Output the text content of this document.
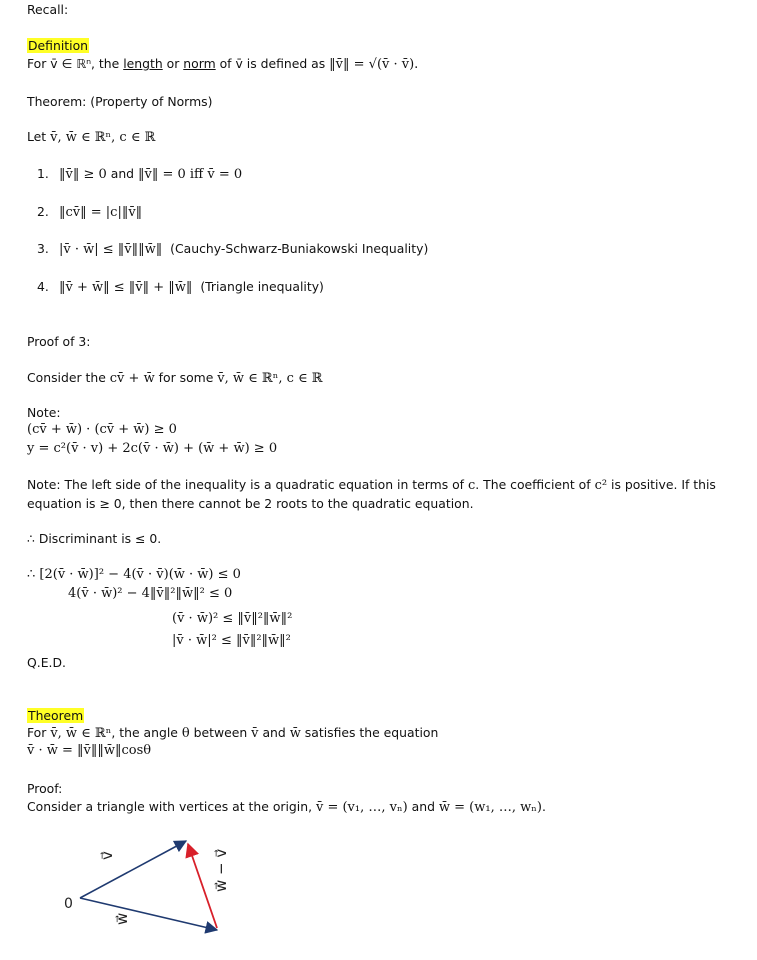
Recall:
Definition
For v̄ ∈ ℝⁿ, the length or norm of v̄ is defined as ‖v̄‖ = √(v̄ · v̄).
Theorem: (Property of Norms)
Let v̄, w̄ ∈ ℝⁿ, c ∈ ℝ
1. ‖v̄‖ ≥ 0 and ‖v̄‖ = 0 iff v̄ = 0
2. ‖cv̄‖ = |c|‖v̄‖
3. |v̄ · w̄| ≤ ‖v̄‖‖w̄‖ (Cauchy-Schwarz-Buniakowski Inequality)
4. ‖v̄ + w̄‖ ≤ ‖v̄‖ + ‖w̄‖ (Triangle inequality)
Proof of 3:
Consider the cv̄ + w̄ for some v̄, w̄ ∈ ℝⁿ, c ∈ ℝ
Note:
(cv̄ + w̄) · (cv̄ + w̄) ≥ 0
y = c²(v̄ · v) + 2c(v̄ · w̄) + (w̄ + w̄) ≥ 0
Note: The left side of the inequality is a quadratic equation in terms of c. The coefficient of c² is positive. If this equation is ≥ 0, then there cannot be 2 roots to the quadratic equation.
∴ Discriminant is ≤ 0.
∴ [2(v̄ · w̄)]² − 4(v̄ · v̄)(w̄ · w̄) ≤ 0
4(v̄ · w̄)² − 4‖v̄‖²‖w̄‖² ≤ 0
(v̄ · w̄)² ≤ ‖v̄‖²‖w̄‖²
|v̄ · w̄|² ≤ ‖v̄‖²‖w̄‖²
Q.E.D.
Theorem
For v̄, w̄ ∈ ℝⁿ, the angle θ between v̄ and w̄ satisfies the equation
v̄ · w̄ = ‖v̄‖‖w̄‖cosθ
Proof:
Consider a triangle with vertices at the origin, v̄ = (v₁, …, vₙ) and w̄ = (w₁, …, wₙ).
0
v⃗
w⃗
w⃗ − v⃗
